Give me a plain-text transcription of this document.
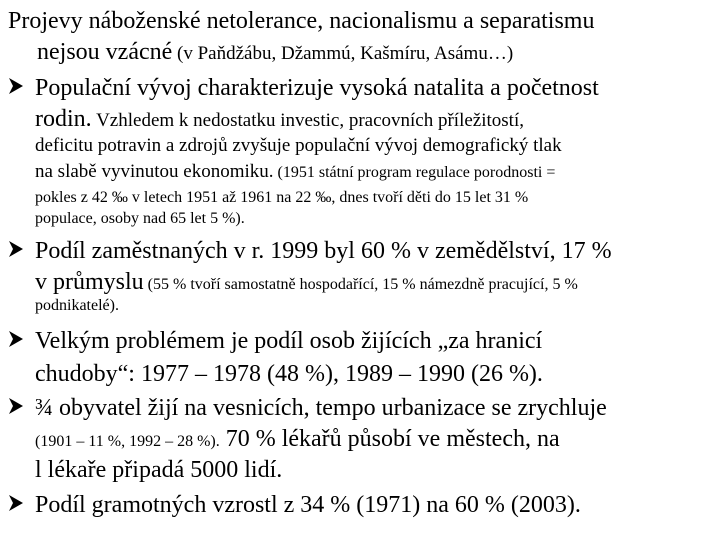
Projevy náboženské netolerance, nacionalismu a separatismu
nejsou vzácné (v Paňdžábu, Džammú, Kašmíru, Asámu…)
Populační vývoj charakterizuje vysoká natalita a početnost
rodin. Vzhledem k nedostatku investic, pracovních příležitostí,
deficitu potravin a zdrojů zvyšuje populační vývoj demografický tlak
na slabě vyvinutou ekonomiku. (1951 státní program regulace porodnosti =
pokles z 42 ‰ v letech 1951 až 1961 na 22 ‰, dnes tvoří děti do 15 let 31 %
populace, osoby nad 65 let 5 %).
Podíl zaměstnaných v r. 1999 byl 60 % v zemědělství, 17 %
v průmyslu (55 % tvoří samostatně hospodařící, 15 % námezdně pracující, 5 %
podnikatelé).
Velkým problémem je podíl osob žijících „za hranicí
chudoby“: 1977 – 1978 (48 %), 1989 – 1990 (26 %).
¾ obyvatel žijí na vesnicích, tempo urbanizace se zrychluje
(1901 – 11 %, 1992 – 28 %). 70 % lékařů působí ve městech, na
l lékaře připadá 5000 lidí.
Podíl gramotných vzrostl z 34 % (1971) na 60 % (2003).
